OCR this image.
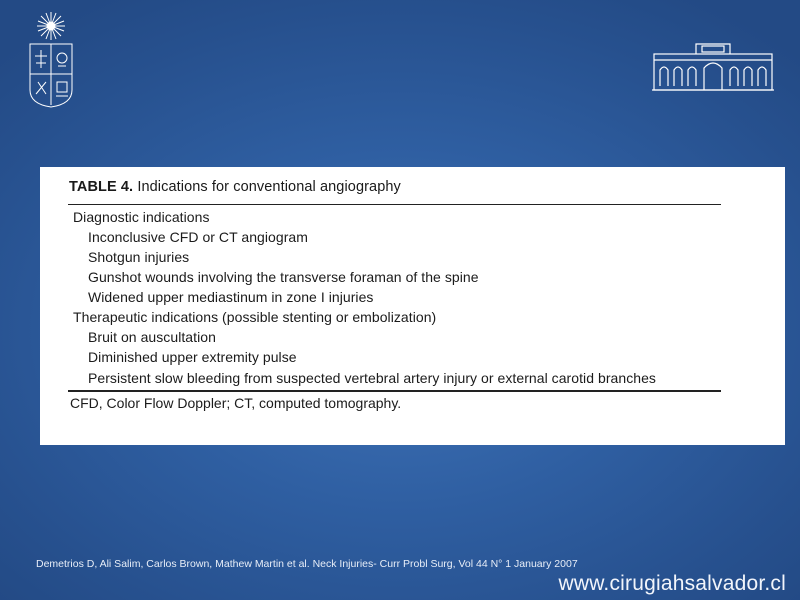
TABLE 4. Indications for conventional angiography
Diagnostic indications
Inconclusive CFD or CT angiogram
Shotgun injuries
Gunshot wounds involving the transverse foraman of the spine
Widened upper mediastinum in zone I injuries
Therapeutic indications (possible stenting or embolization)
Bruit on auscultation
Diminished upper extremity pulse
Persistent slow bleeding from suspected vertebral artery injury or external carotid branches
CFD, Color Flow Doppler; CT, computed tomography.
Demetrios D, Ali Salim, Carlos Brown, Mathew Martin et al. Neck Injuries- Curr Probl Surg, Vol 44 N° 1 January 2007
www.cirugiahsalvador.cl
